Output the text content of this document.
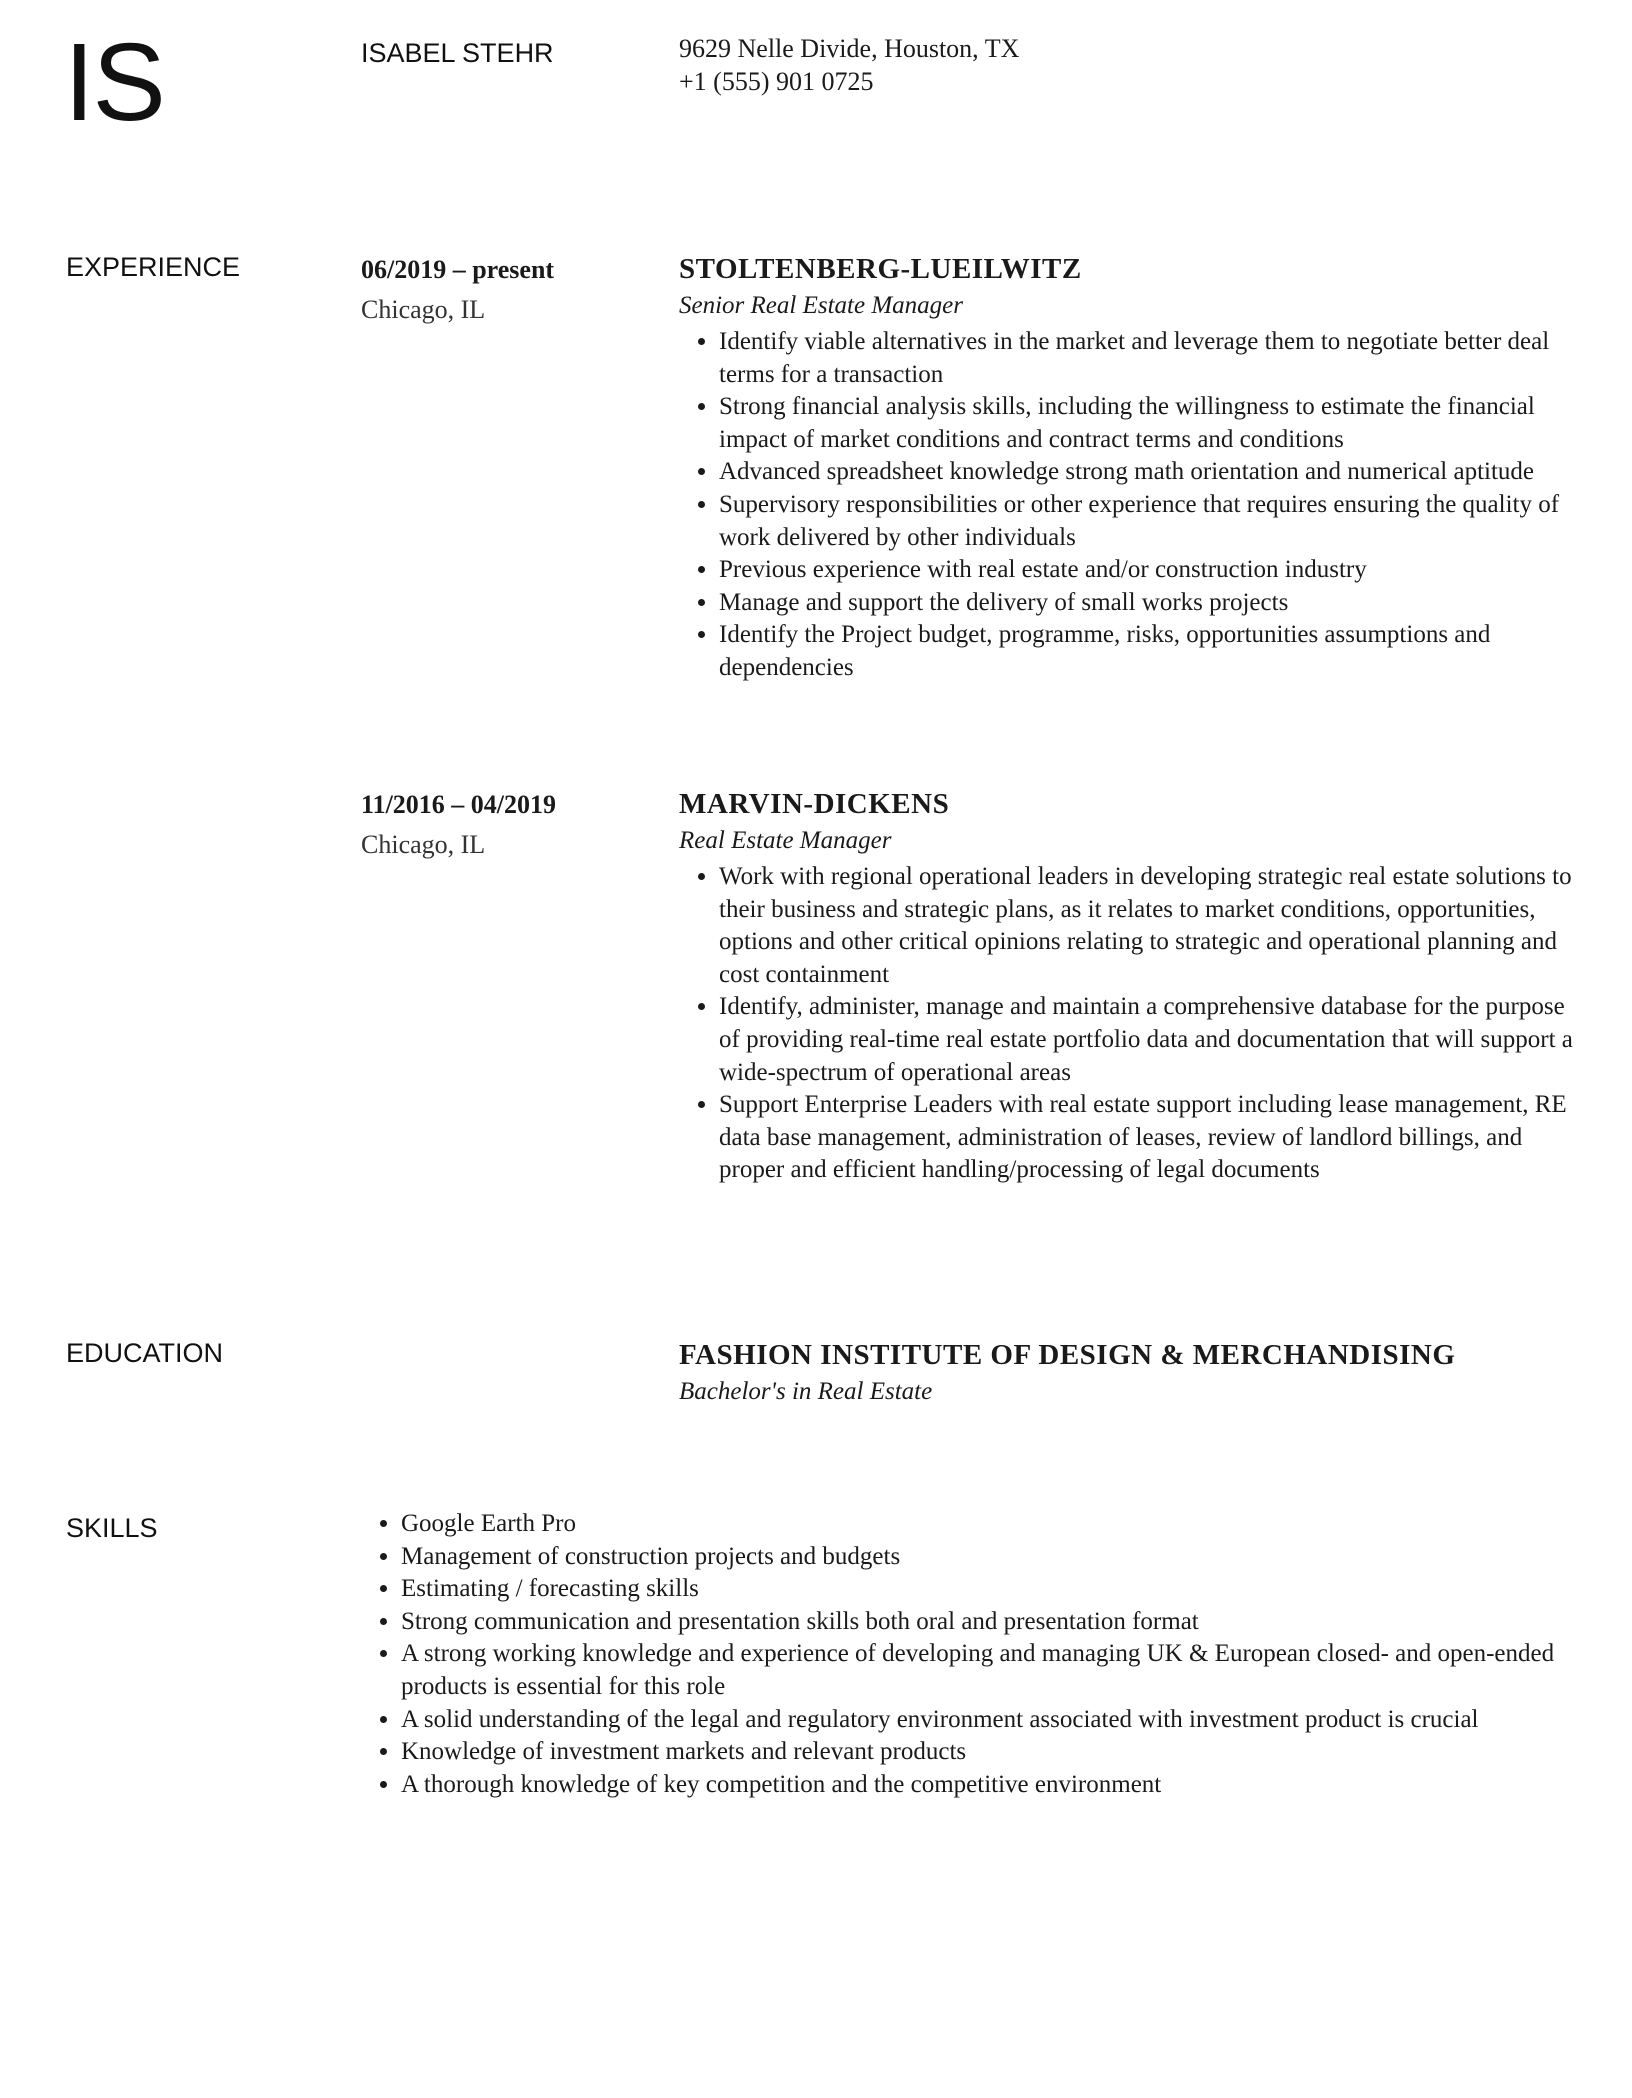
IS	ISABEL STEHR	9629 Nelle Divide, Houston, TX
+1 (555) 901 0725
EXPERIENCE	06/2019 – present
Chicago, IL
STOLTENBERG-LUEILWITZ
Senior Real Estate Manager
• Identify viable alternatives in the market and leverage them to negotiate better deal terms for a transaction
• Strong financial analysis skills, including the willingness to estimate the financial impact of market conditions and contract terms and conditions
• Advanced spreadsheet knowledge strong math orientation and numerical aptitude
• Supervisory responsibilities or other experience that requires ensuring the quality of work delivered by other individuals
• Previous experience with real estate and/or construction industry
• Manage and support the delivery of small works projects
• Identify the Project budget, programme, risks, opportunities assumptions and dependencies
11/2016 – 04/2019
Chicago, IL
MARVIN-DICKENS
Real Estate Manager
• Work with regional operational leaders in developing strategic real estate solutions to their business and strategic plans, as it relates to market conditions, opportunities, options and other critical opinions relating to strategic and operational planning and cost containment
• Identify, administer, manage and maintain a comprehensive database for the purpose of providing real-time real estate portfolio data and documentation that will support a wide-spectrum of operational areas
• Support Enterprise Leaders with real estate support including lease management, RE data base management, administration of leases, review of landlord billings, and proper and efficient handling/processing of legal documents
EDUCATION	FASHION INSTITUTE OF DESIGN & MERCHANDISING
Bachelor's in Real Estate
SKILLS
•	Google Earth Pro
• Management of construction projects and budgets
• Estimating / forecasting skills
• Strong communication and presentation skills both oral and presentation format
• A strong working knowledge and experience of developing and managing UK & European closed- and open-ended products is essential for this role
• A solid understanding of the legal and regulatory environment associated with investment product is crucial
• Knowledge of investment markets and relevant products
• A thorough knowledge of key competition and the competitive environment
